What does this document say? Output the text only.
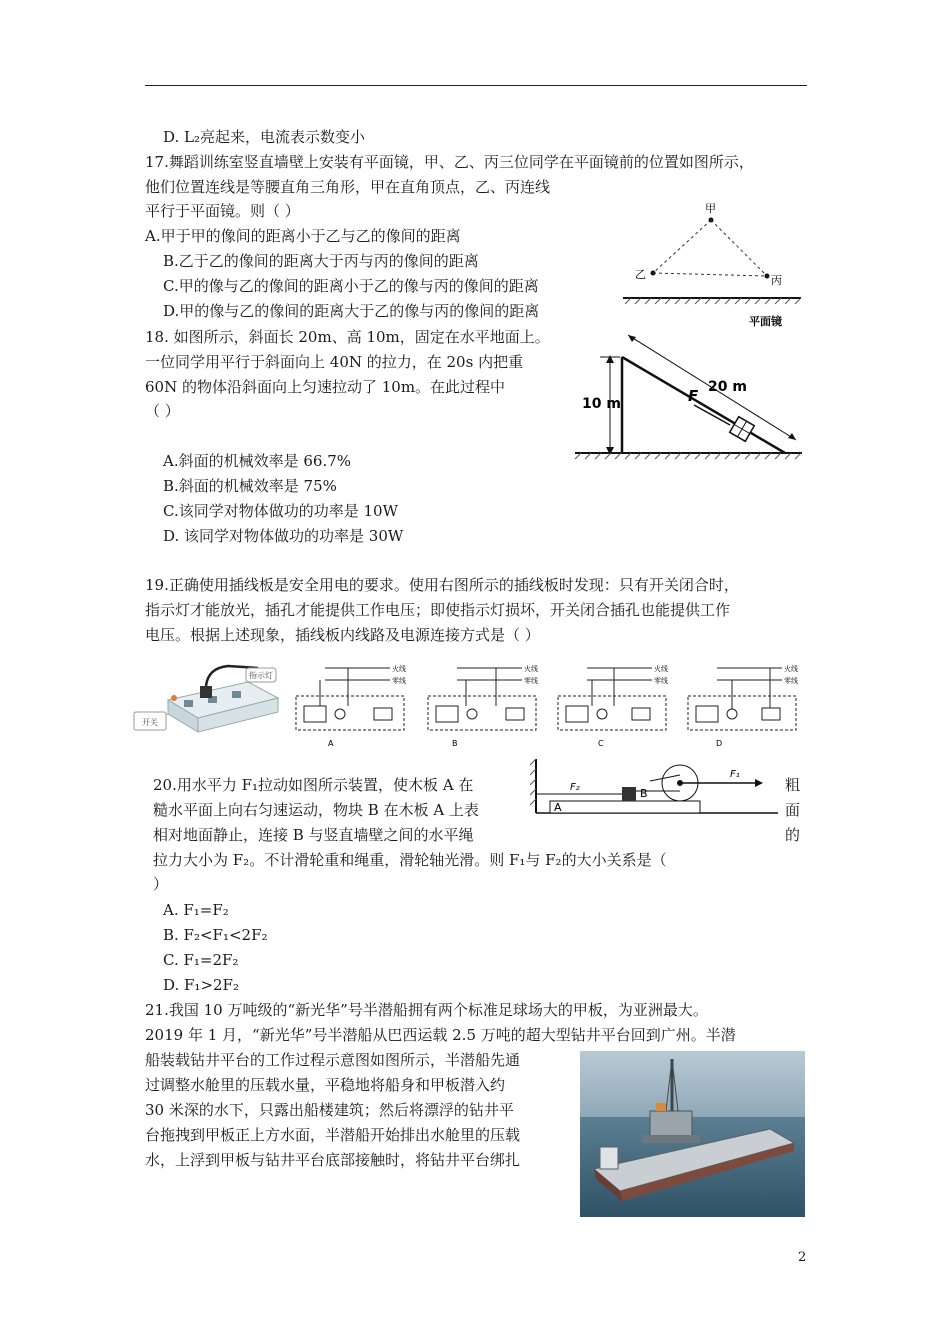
D. L₂亮起来，电流表示数变小
17.舞蹈训练室竖直墙壁上安装有平面镜，甲、乙、丙三位同学在平面镜前的位置如图所示，
他们位置连线是等腰直角三角形，甲在直角顶点，乙、丙连线
平行于平面镜。则（ ）
A.甲于甲的像间的距离小于乙与乙的像间的距离
B.乙于乙的像间的距离大于丙与丙的像间的距离
C.甲的像与乙的像间的距离小于乙的像与丙的像间的距离
D.甲的像与乙的像间的距离大于乙的像与丙的像间的距离
甲
乙	丙
平面镜
18. 如图所示，斜面长 20m、高 10m，固定在水平地面上。
一位同学用平行于斜面向上 40N 的拉力，在 20s 内把重
60N 的物体沿斜面向上匀速拉动了 10m。在此过程中
（ ）
A.斜面的机械效率是 66.7%
B.斜面的机械效率是 75%
C.该同学对物体做功的功率是 10W
D. 该同学对物体做功的功率是 30W
10 m
20 m
F
19.正确使用插线板是安全用电的要求。使用右图所示的插线板时发现：只有开关闭合时，
指示灯才能放光，插孔才能提供工作电压；即使指示灯损坏，开关闭合插孔也能提供工作
电压。根据上述现象，插线板内线路及电源连接方式是（ ）
开关
指示灯
火线
零线
A
火线
零线
B
火线
零线
C
火线
零线
D
20.用水平力 F₁拉动如图所示装置，使木板 A 在	粗
糙水平面上向右匀速运动，物块 B 在木板 A 上表	面
相对地面静止，连接 B 与竖直墙壁之间的水平绳	的
拉力大小为 F₂。不计滑轮重和绳重，滑轮轴光滑。则 F₁与 F₂的大小关系是（
）
A. F₁=F₂
B. F₂<F₁<2F₂
C. F₁=2F₂
D. F₁>2F₂
A
B
F₂
F₁
21.我国 10 万吨级的“新光华”号半潜船拥有两个标准足球场大的甲板，为亚洲最大。
2019 年 1 月，“新光华”号半潜船从巴西运载 2.5 万吨的超大型钻井平台回到广州。半潜
船装载钻井平台的工作过程示意图如图所示，半潜船先通
过调整水舱里的压载水量，平稳地将船身和甲板潜入约
30 米深的水下，只露出船楼建筑；然后将漂浮的钻井平
台拖拽到甲板正上方水面，半潜船开始排出水舱里的压载
水，上浮到甲板与钻井平台底部接触时，将钻井平台绑扎
2
